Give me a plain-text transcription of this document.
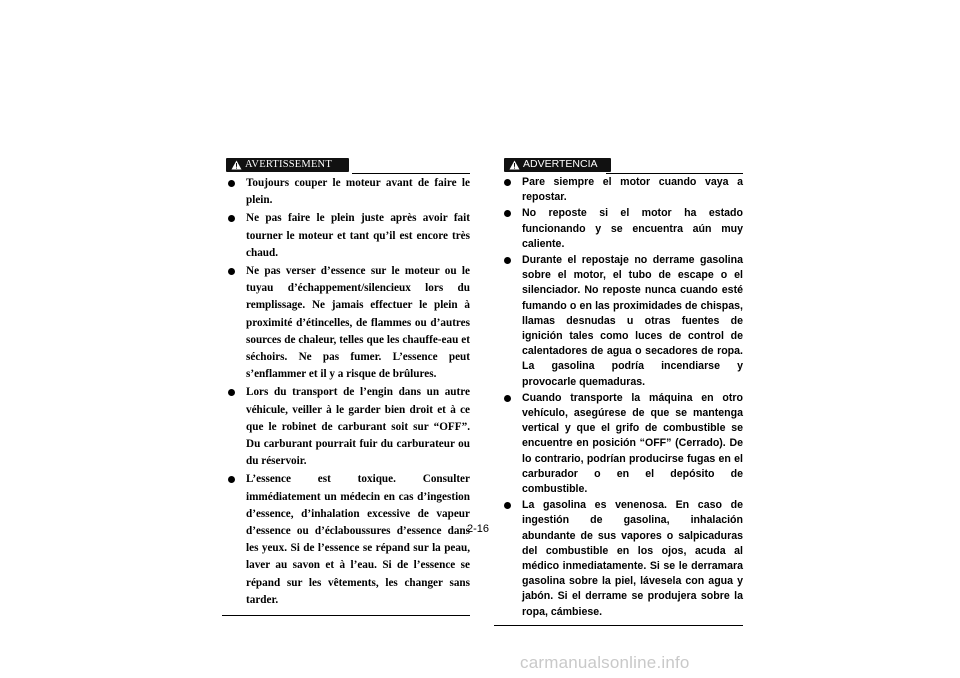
AVERTISSEMENT
Toujours couper le moteur avant de faire le plein.
Ne pas faire le plein juste après avoir fait tourner le moteur et tant qu’il est encore très chaud.
Ne pas verser d’essence sur le moteur ou le tuyau d’échappement/silencieux lors du remplissage. Ne jamais effectuer le plein à proximité d’étincelles, de flammes ou d’autres sources de chaleur, telles que les chauffe-eau et séchoirs. Ne pas fumer. L’essence peut s’enflammer et il y a risque de brûlures.
Lors du transport de l’engin dans un autre véhicule, veiller à le garder bien droit et à ce que le robinet de carburant soit sur “OFF”. Du carburant pourrait fuir du carburateur ou du réservoir.
L’essence est toxique. Consulter immédiatement un médecin en cas d’ingestion d’essence, d’inhalation excessive de vapeur d’essence ou d’éclaboussures d’essence dans les yeux. Si de l’essence se répand sur la peau, laver au savon et à l’eau. Si de l’essence se répand sur les vêtements, les changer sans tarder.
ADVERTENCIA
Pare siempre el motor cuando vaya a repostar.
No reposte si el motor ha estado funcionando y se encuentra aún muy caliente.
Durante el repostaje no derrame gasolina sobre el motor, el tubo de escape o el silenciador. No reposte nunca cuando esté fumando o en las proximidades de chispas, llamas desnudas u otras fuentes de ignición tales como luces de control de calentadores de agua o secadores de ropa. La gasolina podría incendiarse y provocarle quemaduras.
Cuando transporte la máquina en otro vehículo, asegúrese de que se mantenga vertical y que el grifo de combustible se encuentre en posición “OFF” (Cerrado). De lo contrario, podrían producirse fugas en el carburador o en el depósito de combustible.
La gasolina es venenosa. En caso de ingestión de gasolina, inhalación abundante de sus vapores o salpicaduras del combustible en los ojos, acuda al médico inmediatamente. Si se le derramara gasolina sobre la piel, lávesela con agua y jabón. Si el derrame se produjera sobre la ropa, cámbiese.
2-16
carmanualsonline.info
